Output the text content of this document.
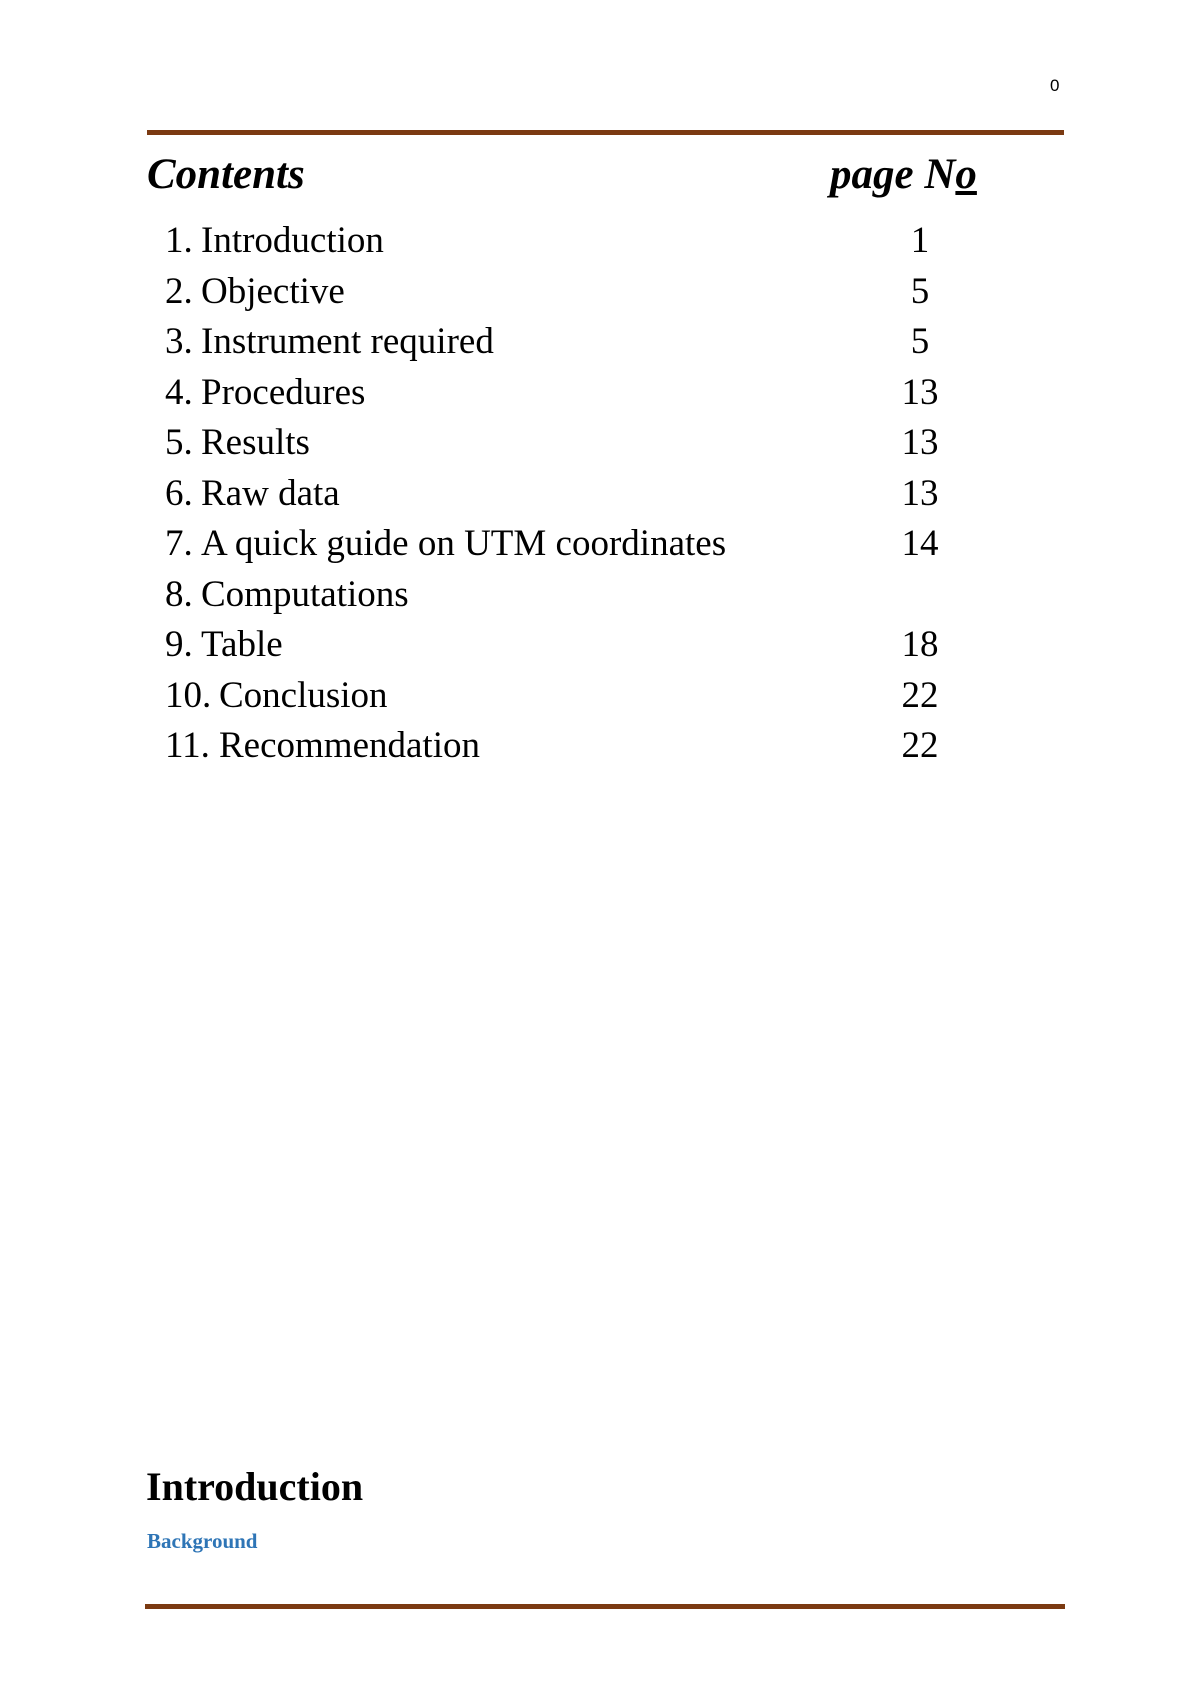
0
Contents	page No
1. Introduction	1
2. Objective	5
3. Instrument required	5
4. Procedures	13
5. Results	13
6. Raw data	13
7. A quick guide on UTM coordinates	14
8. Computations
9. Table	18
10. Conclusion	22
11. Recommendation	22
Introduction
Background
